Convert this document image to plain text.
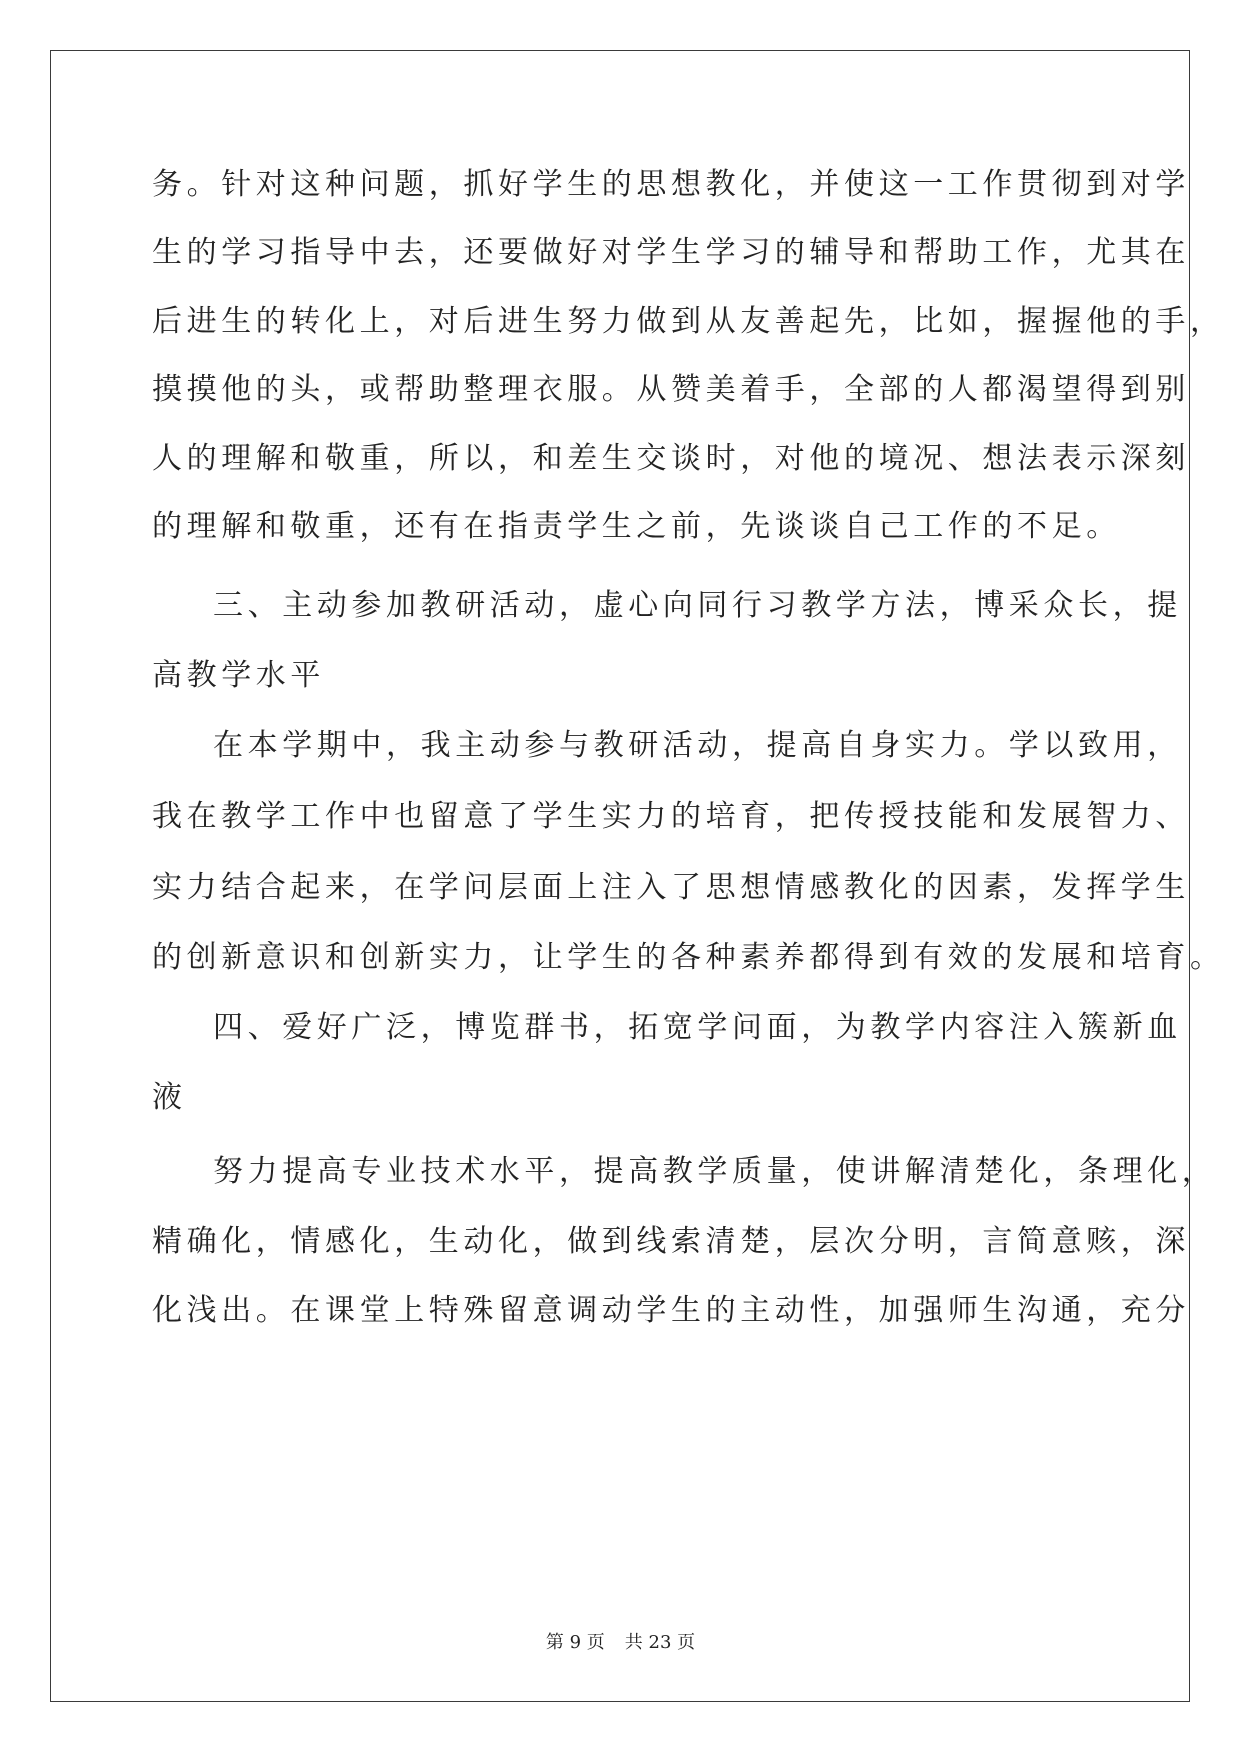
务。针对这种问题，抓好学生的思想教化，并使这一工作贯彻到对学
生的学习指导中去，还要做好对学生学习的辅导和帮助工作，尤其在
后进生的转化上，对后进生努力做到从友善起先，比如，握握他的手，
摸摸他的头，或帮助整理衣服。从赞美着手，全部的人都渴望得到别
人的理解和敬重，所以，和差生交谈时，对他的境况、想法表示深刻
的理解和敬重，还有在指责学生之前，先谈谈自己工作的不足。
三、主动参加教研活动，虚心向同行习教学方法，博采众长，提
高教学水平
在本学期中，我主动参与教研活动，提高自身实力。学以致用，
我在教学工作中也留意了学生实力的培育，把传授技能和发展智力、
实力结合起来，在学问层面上注入了思想情感教化的因素，发挥学生
的创新意识和创新实力，让学生的各种素养都得到有效的发展和培育。
四、爱好广泛，博览群书，拓宽学问面，为教学内容注入簇新血
液
努力提高专业技术水平，提高教学质量，使讲解清楚化，条理化，
精确化，情感化，生动化，做到线索清楚，层次分明，言简意赅，深
化浅出。在课堂上特殊留意调动学生的主动性，加强师生沟通，充分
第 9 页 共 23 页
